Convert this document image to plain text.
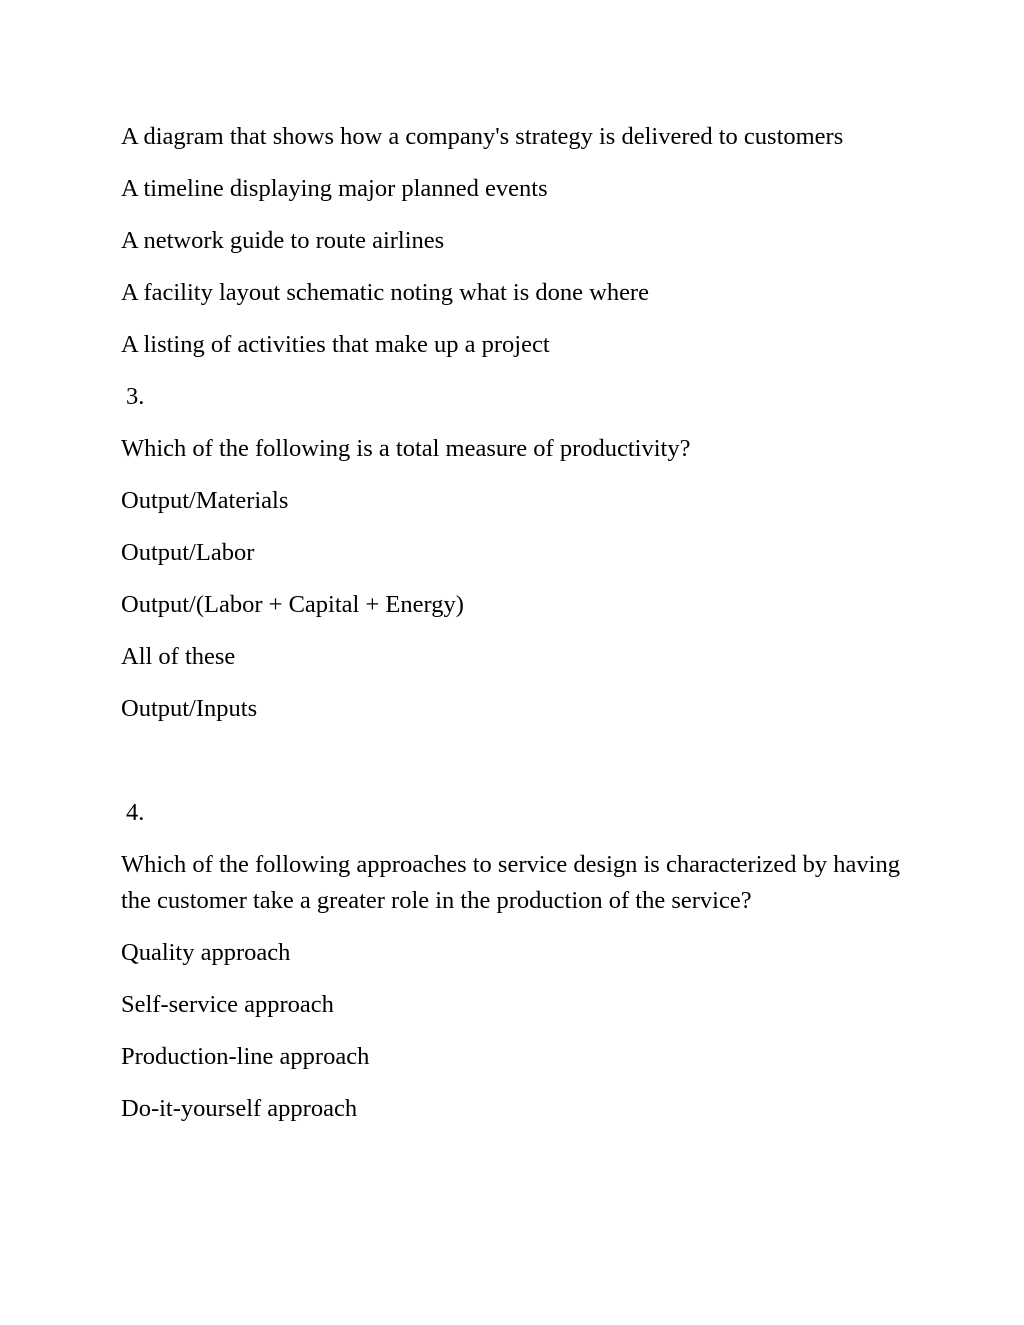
A diagram that shows how a company's strategy is delivered to customers

A timeline displaying major planned events

A network guide to route airlines

A facility layout schematic noting what is done where

A listing of activities that make up a project

3.

Which of the following is a total measure of productivity?

Output/Materials

Output/Labor

Output/(Labor + Capital + Energy)

All of these

Output/Inputs

4.

Which of the following approaches to service design is characterized by having the customer take a greater role in the production of the service?

Quality approach

Self-service approach

Production-line approach

Do-it-yourself approach
